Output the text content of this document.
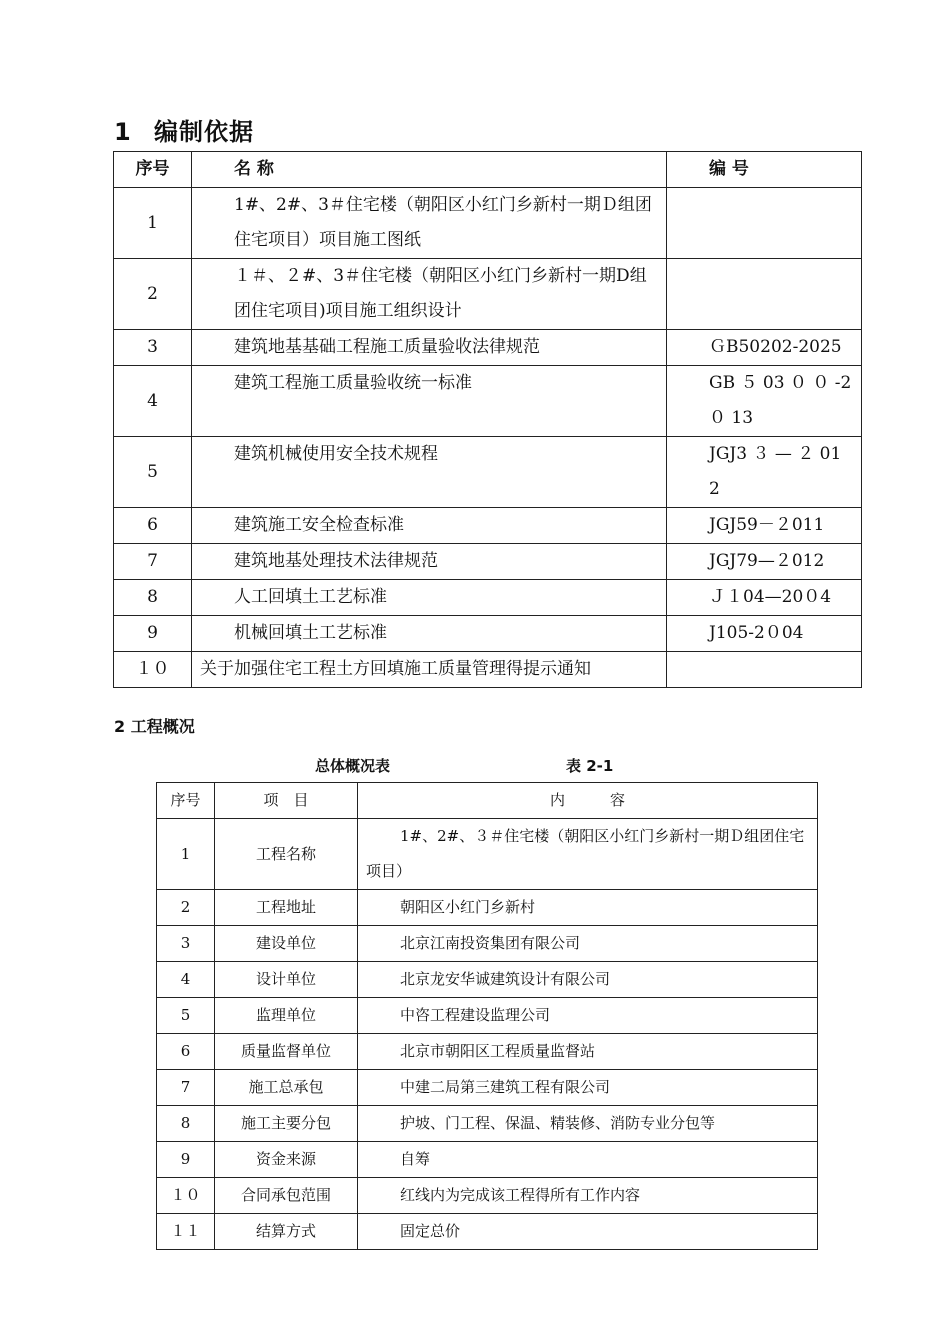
1 编制依据
序号	名 称	编 号
1	1#、2#、3＃住宅楼（朝阳区小红门乡新村一期Ｄ组团住宅项目）项目施工图纸	
2	１＃、２#、3＃住宅楼（朝阳区小红门乡新村一期D组团住宅项目)项目施工组织设计	
3	建筑地基基础工程施工质量验收法律规范	ＧB50202-2025
4	建筑工程施工质量验收统一标准	GB ５ 03 ０ ０ -2 ０ 13
5	建筑机械使用安全技术规程	JGJ3 ３ — ２ 01 2
6	建筑施工安全检查标准	JGJ59－２011
7	建筑地基处理技术法律规范	JGJ79—２012
8	人工回填土工艺标准	Ｊ１04—20０4
9	机械回填土工艺标准	J105-2０04
１０	关于加强住宅工程土方回填施工质量管理得提示通知	
2 工程概况
总体概况表	表 2-1
序号	项　目	内　　　容
1	工程名称	1#、2#、３＃住宅楼（朝阳区小红门乡新村一期Ｄ组团住宅项目）
2	工程地址	朝阳区小红门乡新村
3	建设单位	北京江南投资集团有限公司
4	设计单位	北京龙安华诚建筑设计有限公司
5	监理单位	中咨工程建设监理公司
6	质量监督单位	北京市朝阳区工程质量监督站
7	施工总承包	中建二局第三建筑工程有限公司
8	施工主要分包	护坡、门工程、保温、精装修、消防专业分包等
9	资金来源	自筹
１０	合同承包范围	红线内为完成该工程得所有工作内容
１１	结算方式	固定总价
